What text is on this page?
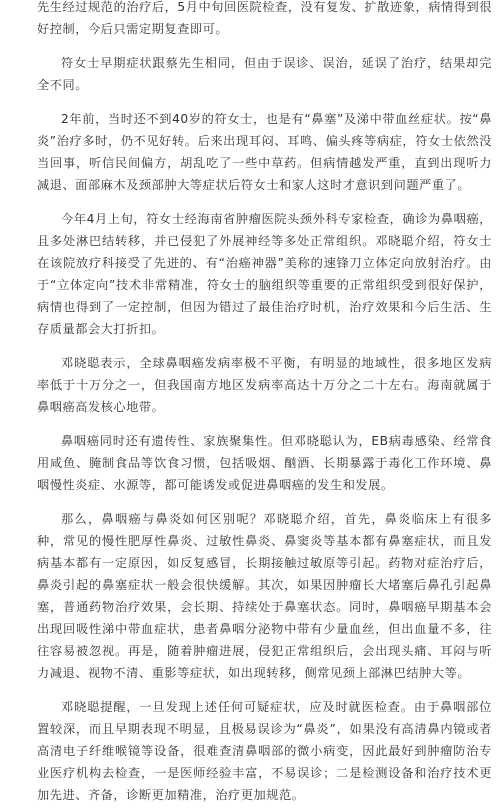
先生经过规范的治疗后，5月中旬回医院检查，没有复发、扩散迹象，病情得到很好控制，今后只需定期复查即可。

符女士早期症状跟蔡先生相同，但由于误诊、误治，延误了治疗，结果却完全不同。

2年前，当时还不到40岁的符女士，也是有“鼻塞”及涕中带血丝症状。按“鼻炎”治疗多时，仍不见好转。后来出现耳闷、耳鸣、偏头疼等病症，符女士依然没当回事，听信民间偏方，胡乱吃了一些中草药。但病情越发严重，直到出现听力减退、面部麻木及颈部肿大等症状后符女士和家人这时才意识到问题严重了。

今年4月上旬，符女士经海南省肿瘤医院头颈外科专家检查，确诊为鼻咽癌，且多处淋巴结转移，并已侵犯了外展神经等多处正常组织。邓晓聪介绍，符女士在该院放疗科接受了先进的、有“治癌神器”美称的速锋刀立体定向放射治疗。由于“立体定向”技术非常精准，符女士的脑组织等重要的正常组织受到很好保护，病情也得到了一定控制，但因为错过了最佳治疗时机，治疗效果和今后生活、生存质量都会大打折扣。

邓晓聪表示，全球鼻咽癌发病率极不平衡，有明显的地域性，很多地区发病率低于十万分之一，但我国南方地区发病率高达十万分之二十左右。海南就属于鼻咽癌高发核心地带。

鼻咽癌同时还有遗传性、家族聚集性。但邓晓聪认为，EB病毒感染、经常食用咸鱼、腌制食品等饮食习惯，包括吸烟、酗酒、长期暴露于毒化工作环境、鼻咽慢性炎症、水源等，都可能诱发或促进鼻咽癌的发生和发展。

那么，鼻咽癌与鼻炎如何区别呢？邓晓聪介绍，首先，鼻炎临床上有很多种，常见的慢性肥厚性鼻炎、过敏性鼻炎、鼻窦炎等基本都有鼻塞症状，而且发病基本都有一定原因，如反复感冒，长期接触过敏原等引起。药物对症治疗后，鼻炎引起的鼻塞症状一般会很快缓解。其次，如果因肿瘤长大堵塞后鼻孔引起鼻塞，普通药物治疗效果，会长期、持续处于鼻塞状态。同时，鼻咽癌早期基本会出现回吸性涕中带血症状，患者鼻咽分泌物中带有少量血丝，但出血量不多，往往容易被忽视。再是，随着肿瘤进展，侵犯正常组织后，会出现头痛、耳闷与听力减退、视物不清、重影等症状，如出现转移，侧常见颈上部淋巴结肿大等。

邓晓聪提醒，一旦发现上述任何可疑症状，应及时就医检查。由于鼻咽部位置较深，而且早期表现不明显，且极易误诊为“鼻炎”，如果没有高清鼻内镜或者高清电子纤维喉镜等设备，很难查清鼻咽部的微小病变，因此最好到肿瘤防治专业医疗机构去检查，一是医师经验丰富，不易误诊；二是检测设备和治疗技术更加先进、齐备，诊断更加精准，治疗更加规范。
